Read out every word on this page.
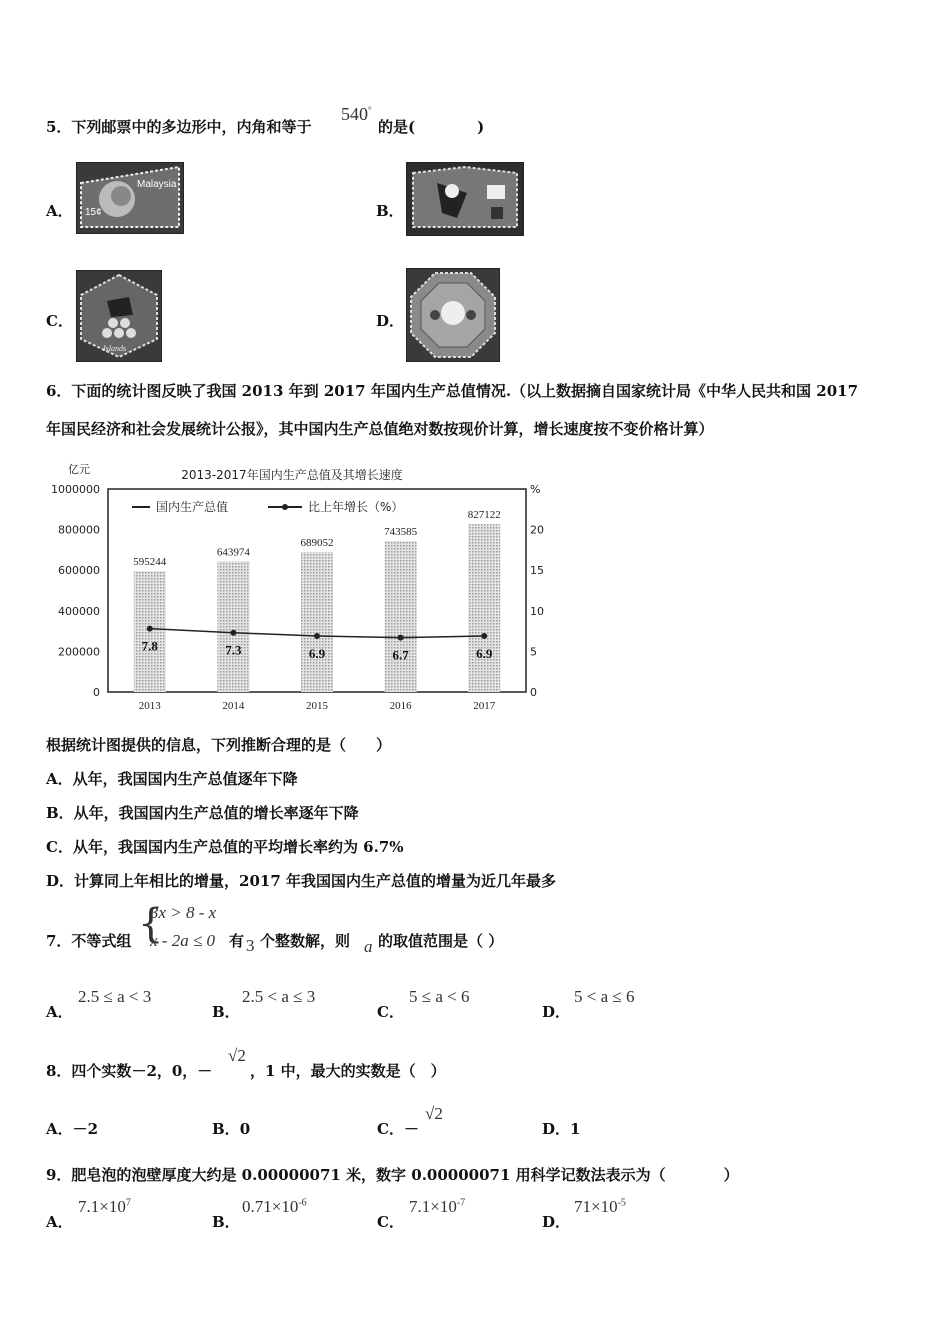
5．下列邮票中的多边形中，内角和等于
540°
的是(	)
A．
Malaysia
15¢	B．
C．
Islands
D．
6．下面的统计图反映了我国 2013 年到 2017 年国内生产总值情况.（以上数据摘自国家统计局《中华人民共和国 2017
年国民经济和社会发展统计公报》，其中国内生产总值绝对数按现价计算，增长速度按不变价格计算）
亿元	2013-2017年国内生产总值及其增长速度
国内生产总值	比上年增长（%）
1000000
800000
600000
400000
200000
0
%
20
15
10
5
0
595244
643974
689052
743585
827122
7.8	7.3	6.9	6.7	6.9
2013	2014	2015	2016	2017
根据统计图提供的信息，下列推断合理的是（　　）
A．从年，我国国内生产总值逐年下降
B．从年，我国国内生产总值的增长率逐年下降
C．从年，我国国内生产总值的平均增长率约为 6.7%
D．计算同上年相比的增量，2017 年我国国内生产总值的增量为近几年最多
7．不等式组 {
3x > 8 - x
x - 2a ≤ 0 有 3 个整数解，则 a 的取值范围是（ ）
A．
2.5 ≤ a < 3
B．
2.5 < a ≤ 3
C．
5 ≤ a < 6
D．
5 < a ≤ 6
8．四个实数－2，0，－
√2
，1 中，最大的实数是（　）
A．－2	B．0	C．－
√2
D．1
9．肥皂泡的泡壁厚度大约是 0.00000071 米，数字 0.00000071 用科学记数法表示为（	）
A．
$7.1\times 10^7$
B．
$0.71\times 10^{-6}$
C．
$7.1\times 10^{-7}$
D．
$71\times 10^{-5}$
